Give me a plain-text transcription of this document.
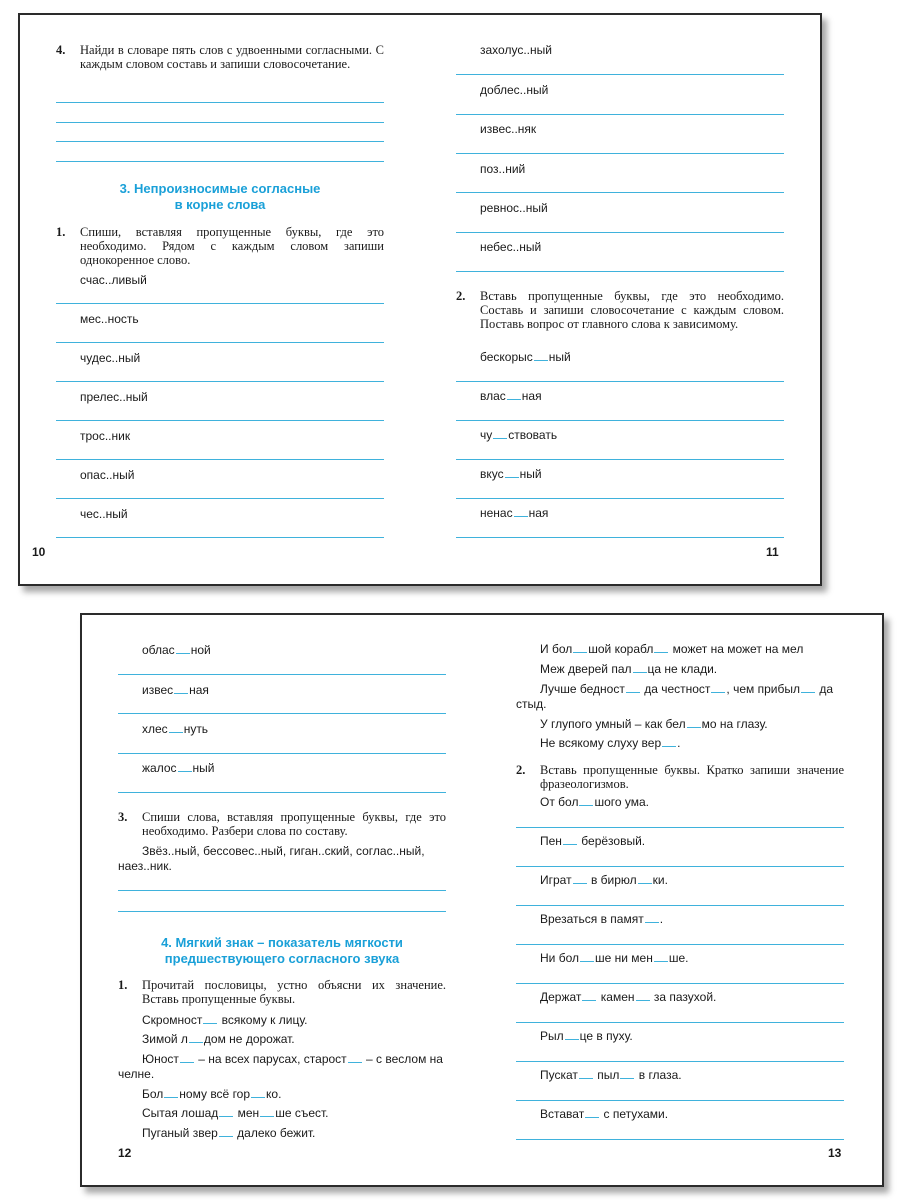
4. Найди в словаре пять слов с удвоенными согласными. С каждым словом составь и запиши словосочетание.
3. Непроизносимые согласные
в корне слова
1. Спиши, вставляя пропущенные буквы, где это необходимо. Рядом с каждым словом запиши однокоренное слово.
счас..ливый
мес..ность
чудес..ный
прелес..ный
трос..ник
опас..ный
чес..ный
10
захолус..ный
доблес..ный
извес..няк
поз..ний
ревнос..ный
небес..ный
2. Вставь пропущенные буквы, где это необходимо. Составь и запиши словосочетание с каждым словом. Поставь вопрос от главного слова к зависимому.
бескорыс ный
влас ная
чу ствовать
вкус ный
ненас ная
11
облас ной
извес ная
хлес нуть
жалос ный
3. Спиши слова, вставляя пропущенные буквы, где это необходимо. Разбери слова по составу.
Звёз..ный, бессовес..ный, гиган..ский, соглас..ный, наез..ник.
4. Мягкий знак – показатель мягкости
предшествующего согласного звука
1. Прочитай пословицы, устно объясни их значение. Вставь пропущенные буквы.
Скромност всякому к лицу.
Зимой л дом не дорожат.
Юност – на всех парусах, старост – с веслом на челне.
Бол ному всё гор ко.
Сытая лошад мен ше съест.
Пуганый звер далеко бежит.
12
И бол шой корабл может на может на мел
Меж дверей пал ца не клади.
Лучше бедност да честност , чем прибыл да стыд.
У глупого умный – как бел мо на глазу.
Не всякому слуху вер .
2. Вставь пропущенные буквы. Кратко запиши значение фразеологизмов.
От бол шого ума.
Пен берёзовый.
Играт в бирюл ки.
Врезаться в памят .
Ни бол ше ни мен ше.
Держат камен за пазухой.
Рыл це в пуху.
Пускат пыл в глаза.
Встават с петухами.
13
